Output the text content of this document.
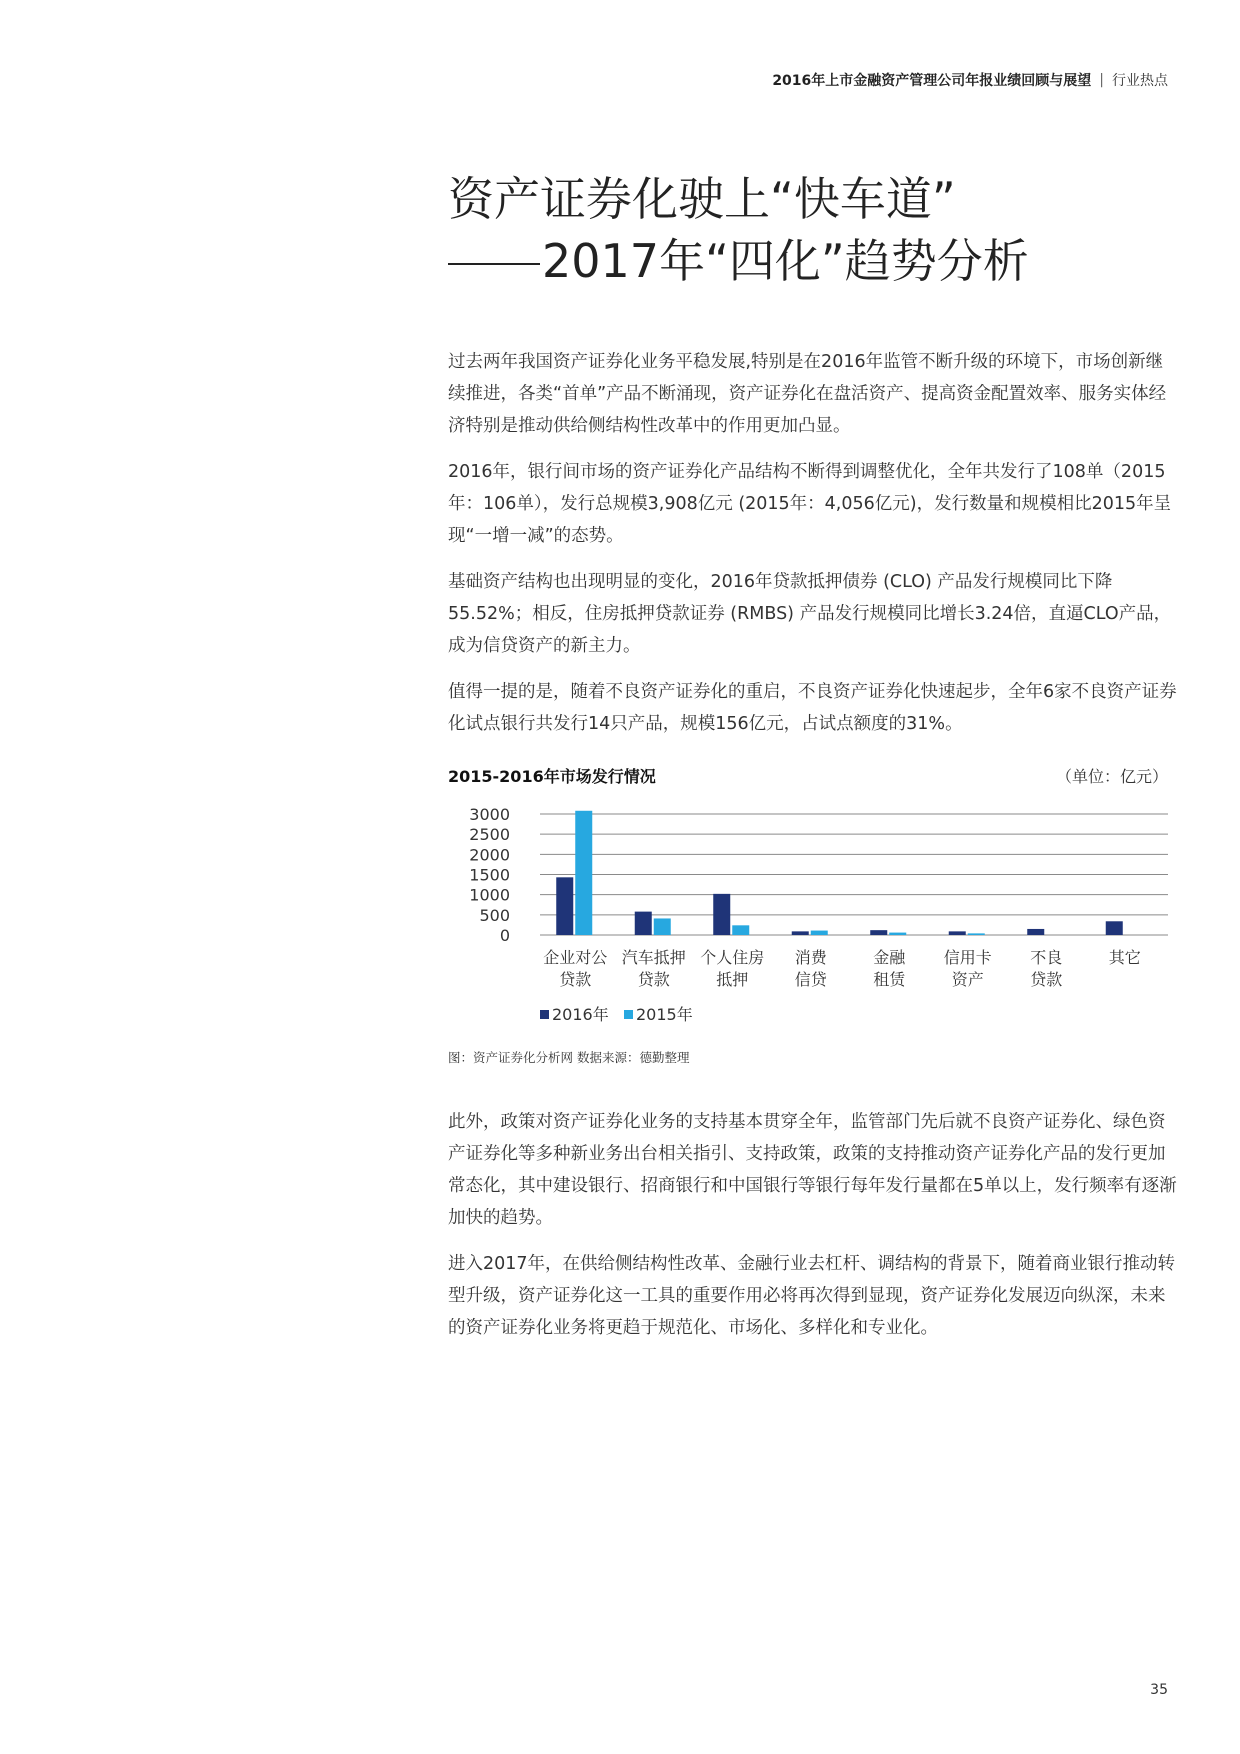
2016年上市金融资产管理公司年报业绩回顾与展望 | 行业热点
资产证券化驶上“快车道”
2017年“四化”趋势分析

过去两年我国资产证券化业务平稳发展,特别是在2016年监管不断升级的环境下，市场创新继续推进，各类“首单”产品不断涌现，资产证券化在盘活资产、提高资金配置效率、服务实体经济特别是推动供给侧结构性改革中的作用更加凸显。

2016年，银行间市场的资产证券化产品结构不断得到调整优化，全年共发行了108单（2015年：106单），发行总规模3,908亿元 (2015年：4,056亿元)，发行数量和规模相比2015年呈现“一增一减”的态势。

基础资产结构也出现明显的变化，2016年贷款抵押债券 (CLO) 产品发行规模同比下降55.52%；相反，住房抵押贷款证券 (RMBS) 产品发行规模同比增长3.24倍，直逼CLO产品，成为信贷资产的新主力。

值得一提的是，随着不良资产证券化的重启，不良资产证券化快速起步，全年6家不良资产证券化试点银行共发行14只产品，规模156亿元，占试点额度的31%。

2015-2016年市场发行情况	（单位：亿元）
0
500
1000
1500
2000
2500
3000
企业对公
贷款
汽车抵押
贷款
个人住房
抵押
消费
信贷
金融
租赁
信用卡
资产
不良
贷款
其它
2016年 2015年
图：资产证券化分析网 数据来源：德勤整理

此外，政策对资产证券化业务的支持基本贯穿全年，监管部门先后就不良资产证券化、绿色资产证券化等多种新业务出台相关指引、支持政策，政策的支持推动资产证券化产品的发行更加常态化，其中建设银行、招商银行和中国银行等银行每年发行量都在5单以上，发行频率有逐渐加快的趋势。

进入2017年，在供给侧结构性改革、金融行业去杠杆、调结构的背景下，随着商业银行推动转型升级，资产证券化这一工具的重要作用必将再次得到显现，资产证券化发展迈向纵深，未来的资产证券化业务将更趋于规范化、市场化、多样化和专业化。

35
